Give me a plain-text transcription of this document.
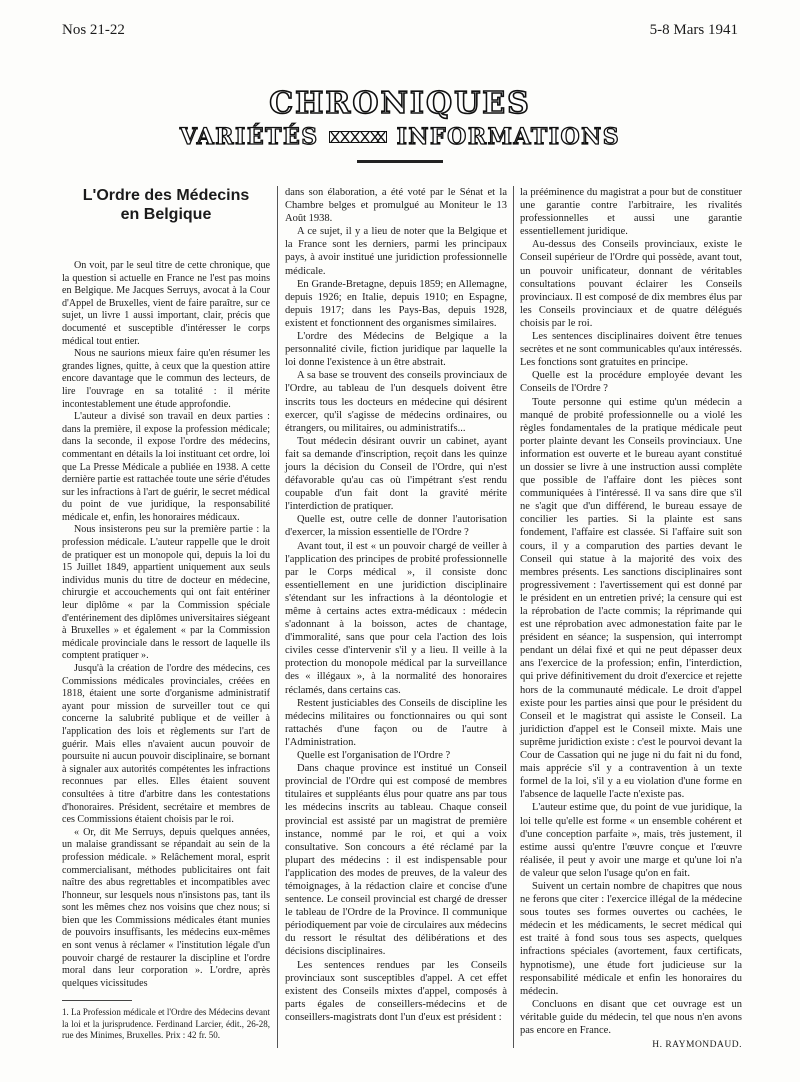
Nos 21-22	5-8 Mars 1941
CHRONIQUES
VARIÉTÉS	INFORMATIONS
L'Ordre des Médecins
en Belgique

On voit, par le seul titre de cette chronique, que la question si actuelle en France ne l'est pas moins en Belgique. Me Jacques Serruys, avocat à la Cour d'Appel de Bruxelles, vient de faire paraître, sur ce sujet, un livre 1 aussi important, clair, précis que documenté et susceptible d'intéresser le corps médical tout entier.

Nous ne saurions mieux faire qu'en résumer les grandes lignes, quitte, à ceux que la question attire encore davantage que le commun des lecteurs, de lire l'ouvrage en sa totalité : il mérite incontestablement une étude approfondie.

L'auteur a divisé son travail en deux parties : dans la première, il expose la profession médicale; dans la seconde, il expose l'ordre des médecins, commentant en détails la loi instituant cet ordre, loi que La Presse Médicale a publiée en 1938. A cette dernière partie est rattachée toute une série d'études sur les infractions à l'art de guérir, le secret médical du point de vue juridique, la responsabilité médicale et, enfin, les honoraires médicaux.

Nous insisterons peu sur la première partie : la profession médicale. L'auteur rappelle que le droit de pratiquer est un monopole qui, depuis la loi du 15 Juillet 1849, appartient uniquement aux seuls individus munis du titre de docteur en médecine, chirurgie et accouchements qui ont fait entériner leur diplôme « par la Commission spéciale d'entérinement des diplômes universitaires siégeant à Bruxelles » et également « par la Commission médicale provinciale dans le ressort de laquelle ils comptent pratiquer ».

Jusqu'à la création de l'ordre des médecins, ces Commissions médicales provinciales, créées en 1818, étaient une sorte d'organisme administratif ayant pour mission de surveiller tout ce qui concerne la salubrité publique et de veiller à l'application des lois et règlements sur l'art de guérir. Mais elles n'avaient aucun pouvoir de poursuite ni aucun pouvoir disciplinaire, se bornant à signaler aux autorités compétentes les infractions reconnues par elles. Elles étaient souvent consultées à titre d'arbitre dans les contestations d'honoraires. Président, secrétaire et membres de ces Commissions étaient choisis par le roi.

« Or, dit Me Serruys, depuis quelques années, un malaise grandissant se répandait au sein de la profession médicale. » Relâchement moral, esprit commercialisant, méthodes publicitaires ont fait naître des abus regrettables et incompatibles avec l'honneur, sur lesquels nous n'insistons pas, tant ils sont les mêmes chez nos voisins que chez nous; si bien que les Commissions médicales étant munies de pouvoirs insuffisants, les médecins eux-mêmes en sont venus à réclamer « l'institution légale d'un pouvoir chargé de restaurer la discipline et l'ordre moral dans leur corporation ». L'ordre, après quelques vicissitudes

1. La Profession médicale et l'Ordre des Médecins devant la loi et la jurisprudence. Ferdinand Larcier, édit., 26-28, rue des Minimes, Bruxelles. Prix : 42 fr. 50.

dans son élaboration, a été voté par le Sénat et la Chambre belges et promulgué au Moniteur le 13 Août 1938.

A ce sujet, il y a lieu de noter que la Belgique et la France sont les derniers, parmi les principaux pays, à avoir institué une juridiction professionnelle médicale.

En Grande-Bretagne, depuis 1859; en Allemagne, depuis 1926; en Italie, depuis 1910; en Espagne, depuis 1917; dans les Pays-Bas, depuis 1928, existent et fonctionnent des organismes similaires.

L'ordre des Médecins de Belgique a la personnalité civile, fiction juridique par laquelle la loi donne l'existence à un être abstrait.

A sa base se trouvent des conseils provinciaux de l'Ordre, au tableau de l'un desquels doivent être inscrits tous les docteurs en médecine qui désirent exercer, qu'il s'agisse de médecins ordinaires, ou étrangers, ou militaires, ou administratifs...

Tout médecin désirant ouvrir un cabinet, ayant fait sa demande d'inscription, reçoit dans les quinze jours la décision du Conseil de l'Ordre, qui n'est défavorable qu'au cas où l'impétrant s'est rendu coupable d'un fait dont la gravité mérite l'interdiction de pratiquer.

Quelle est, outre celle de donner l'autorisation d'exercer, la mission essentielle de l'Ordre ?

Avant tout, il est « un pouvoir chargé de veiller à l'application des principes de probité professionnelle par le Corps médical », il consiste donc essentiellement en une juridiction disciplinaire s'étendant sur les infractions à la déontologie et même à certains actes extra-médicaux : médecin s'adonnant à la boisson, actes de chantage, d'immoralité, sans que pour cela l'action des lois civiles cesse d'intervenir s'il y a lieu. Il veille à la protection du monopole médical par la surveillance des « illégaux », à la normalité des honoraires réclamés, dans certains cas.

Restent justiciables des Conseils de discipline les médecins militaires ou fonctionnaires ou qui sont rattachés d'une façon ou de l'autre à l'Administration.

Quelle est l'organisation de l'Ordre ?

Dans chaque province est institué un Conseil provincial de l'Ordre qui est composé de membres titulaires et suppléants élus pour quatre ans par tous les médecins inscrits au tableau. Chaque conseil provincial est assisté par un magistrat de première instance, nommé par le roi, et qui a voix consultative. Son concours a été réclamé par la plupart des médecins : il est indispensable pour l'application des modes de preuves, de la valeur des témoignages, à la rédaction claire et concise d'une sentence. Le conseil provincial est chargé de dresser le tableau de l'Ordre de la Province. Il communique périodiquement par voie de circulaires aux médecins du ressort le résultat des délibérations et des décisions disciplinaires.

Les sentences rendues par les Conseils provinciaux sont susceptibles d'appel. A cet effet existent des Conseils mixtes d'appel, composés à parts égales de conseillers-médecins et de conseillers-magistrats dont l'un d'eux est président :

la prééminence du magistrat a pour but de constituer une garantie contre l'arbitraire, les rivalités professionnelles et aussi une garantie essentiellement juridique.

Au-dessus des Conseils provinciaux, existe le Conseil supérieur de l'Ordre qui possède, avant tout, un pouvoir unificateur, donnant de véritables consultations pouvant éclairer les Conseils provinciaux. Il est composé de dix membres élus par les Conseils provinciaux et de quatre délégués choisis par le roi.

Les sentences disciplinaires doivent être tenues secrètes et ne sont communicables qu'aux intéressés. Les fonctions sont gratuites en principe.

Quelle est la procédure employée devant les Conseils de l'Ordre ?

Toute personne qui estime qu'un médecin a manqué de probité professionnelle ou a violé les règles fondamentales de la pratique médicale peut porter plainte devant les Conseils provinciaux. Une information est ouverte et le bureau ayant constitué un dossier se livre à une instruction aussi complète que possible de l'affaire dont les pièces sont communiquées à l'intéressé. Il va sans dire que s'il ne s'agit que d'un différend, le bureau essaye de concilier les parties. Si la plainte est sans fondement, l'affaire est classée. Si l'affaire suit son cours, il y a comparution des parties devant le Conseil qui statue à la majorité des voix des membres présents. Les sanctions disciplinaires sont progressivement : l'avertissement qui est donné par le président en un entretien privé; la censure qui est la réprobation de l'acte commis; la réprimande qui est une réprobation avec admonestation faite par le président en séance; la suspension, qui interrompt pendant un délai fixé et qui ne peut dépasser deux ans l'exercice de la profession; enfin, l'interdiction, qui prive définitivement du droit d'exercice et rejette hors de la communauté médicale. Le droit d'appel existe pour les parties ainsi que pour le président du Conseil et le magistrat qui assiste le Conseil. La juridiction d'appel est le Conseil mixte. Mais une suprême juridiction existe : c'est le pourvoi devant la Cour de Cassation qui ne juge ni du fait ni du fond, mais apprécie s'il y a contravention à un texte formel de la loi, s'il y a eu violation d'une forme en l'absence de laquelle l'acte n'existe pas.

L'auteur estime que, du point de vue juridique, la loi telle qu'elle est forme « un ensemble cohérent et d'une conception parfaite », mais, très justement, il estime aussi qu'entre l'œuvre conçue et l'œuvre réalisée, il peut y avoir une marge et qu'une loi n'a de valeur que selon l'usage qu'on en fait.

Suivent un certain nombre de chapitres que nous ne ferons que citer : l'exercice illégal de la médecine sous toutes ses formes ouvertes ou cachées, le médecin et les médicaments, le secret médical qui est traité à fond sous tous ses aspects, quelques infractions spéciales (avortement, faux certificats, hypnotisme), une étude fort judicieuse sur la responsabilité médicale et enfin les honoraires du médecin.

Concluons en disant que cet ouvrage est un véritable guide du médecin, tel que nous n'en avons pas encore en France.

H. RAYMONDAUD.
